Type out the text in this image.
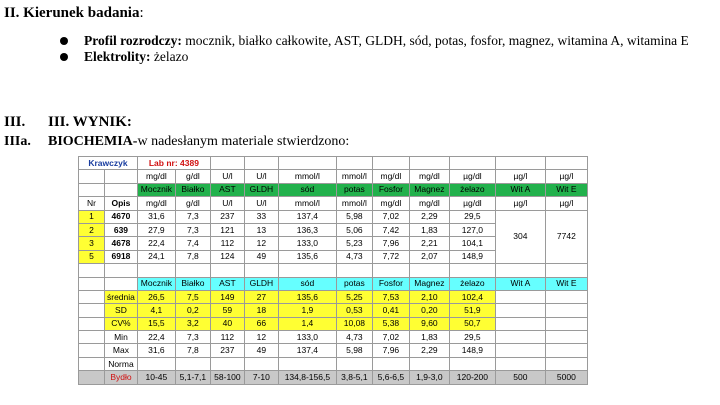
II. Kierunek badania:
Profil rozrodczy: mocznik, białko całkowite, AST, GLDH, sód, potas, fosfor, magnez, witamina A, witamina E
Elektrolity: żelazo
III. III. WYNIK:
IIIa. BIOCHEMIA-w nadesłanym materiale stwierdzono:
Krawczyk		Lab nr: 4389										
		mg/dl	g/dl	U/l	U/l	mmol/l	mmol/l	mg/dl	mg/dl	µg/dl	µg/l	µg/l
		Mocznik	Białko	AST	GLDH	sód	potas	Fosfor	Magnez	żelazo	Wit A	Wit E
Nr	Opis	mg/dl	g/dl	U/l	U/l	mmol/l	mmol/l	mg/dl	mg/dl	µg/dl	µg/l	µg/l
1	4670	31,6	7,3	237	33	137,4	5,98	7,02	2,29	29,5	304	7742
2	639	27,9	7,3	121	13	136,3	5,06	7,42	1,83	127,0		
3	4678	22,4	7,4	112	12	133,0	5,23	7,96	2,21	104,1		
5	6918	24,1	7,8	124	49	135,6	4,73	7,72	2,07	148,9		

		Mocznik	Białko	AST	GLDH	sód	potas	Fosfor	Magnez	żelazo	Wit A	Wit E
	średnia	26,5	7,5	149	27	135,6	5,25	7,53	2,10	102,4		
	SD	4,1	0,2	59	18	1,9	0,53	0,41	0,20	51,9		
	CV%	15,5	3,2	40	66	1,4	10,08	5,38	9,60	50,7		
	Min	22,4	7,3	112	12	133,0	4,73	7,02	1,83	29,5		
	Max	31,6	7,8	237	49	137,4	5,98	7,96	2,29	148,9		
	Norma											
	Bydło	10-45	5,1-7,1	58-100	7-10	134,8-156,5	3,8-5,1	5,6-6,5	1,9-3,0	120-200	500	5000
